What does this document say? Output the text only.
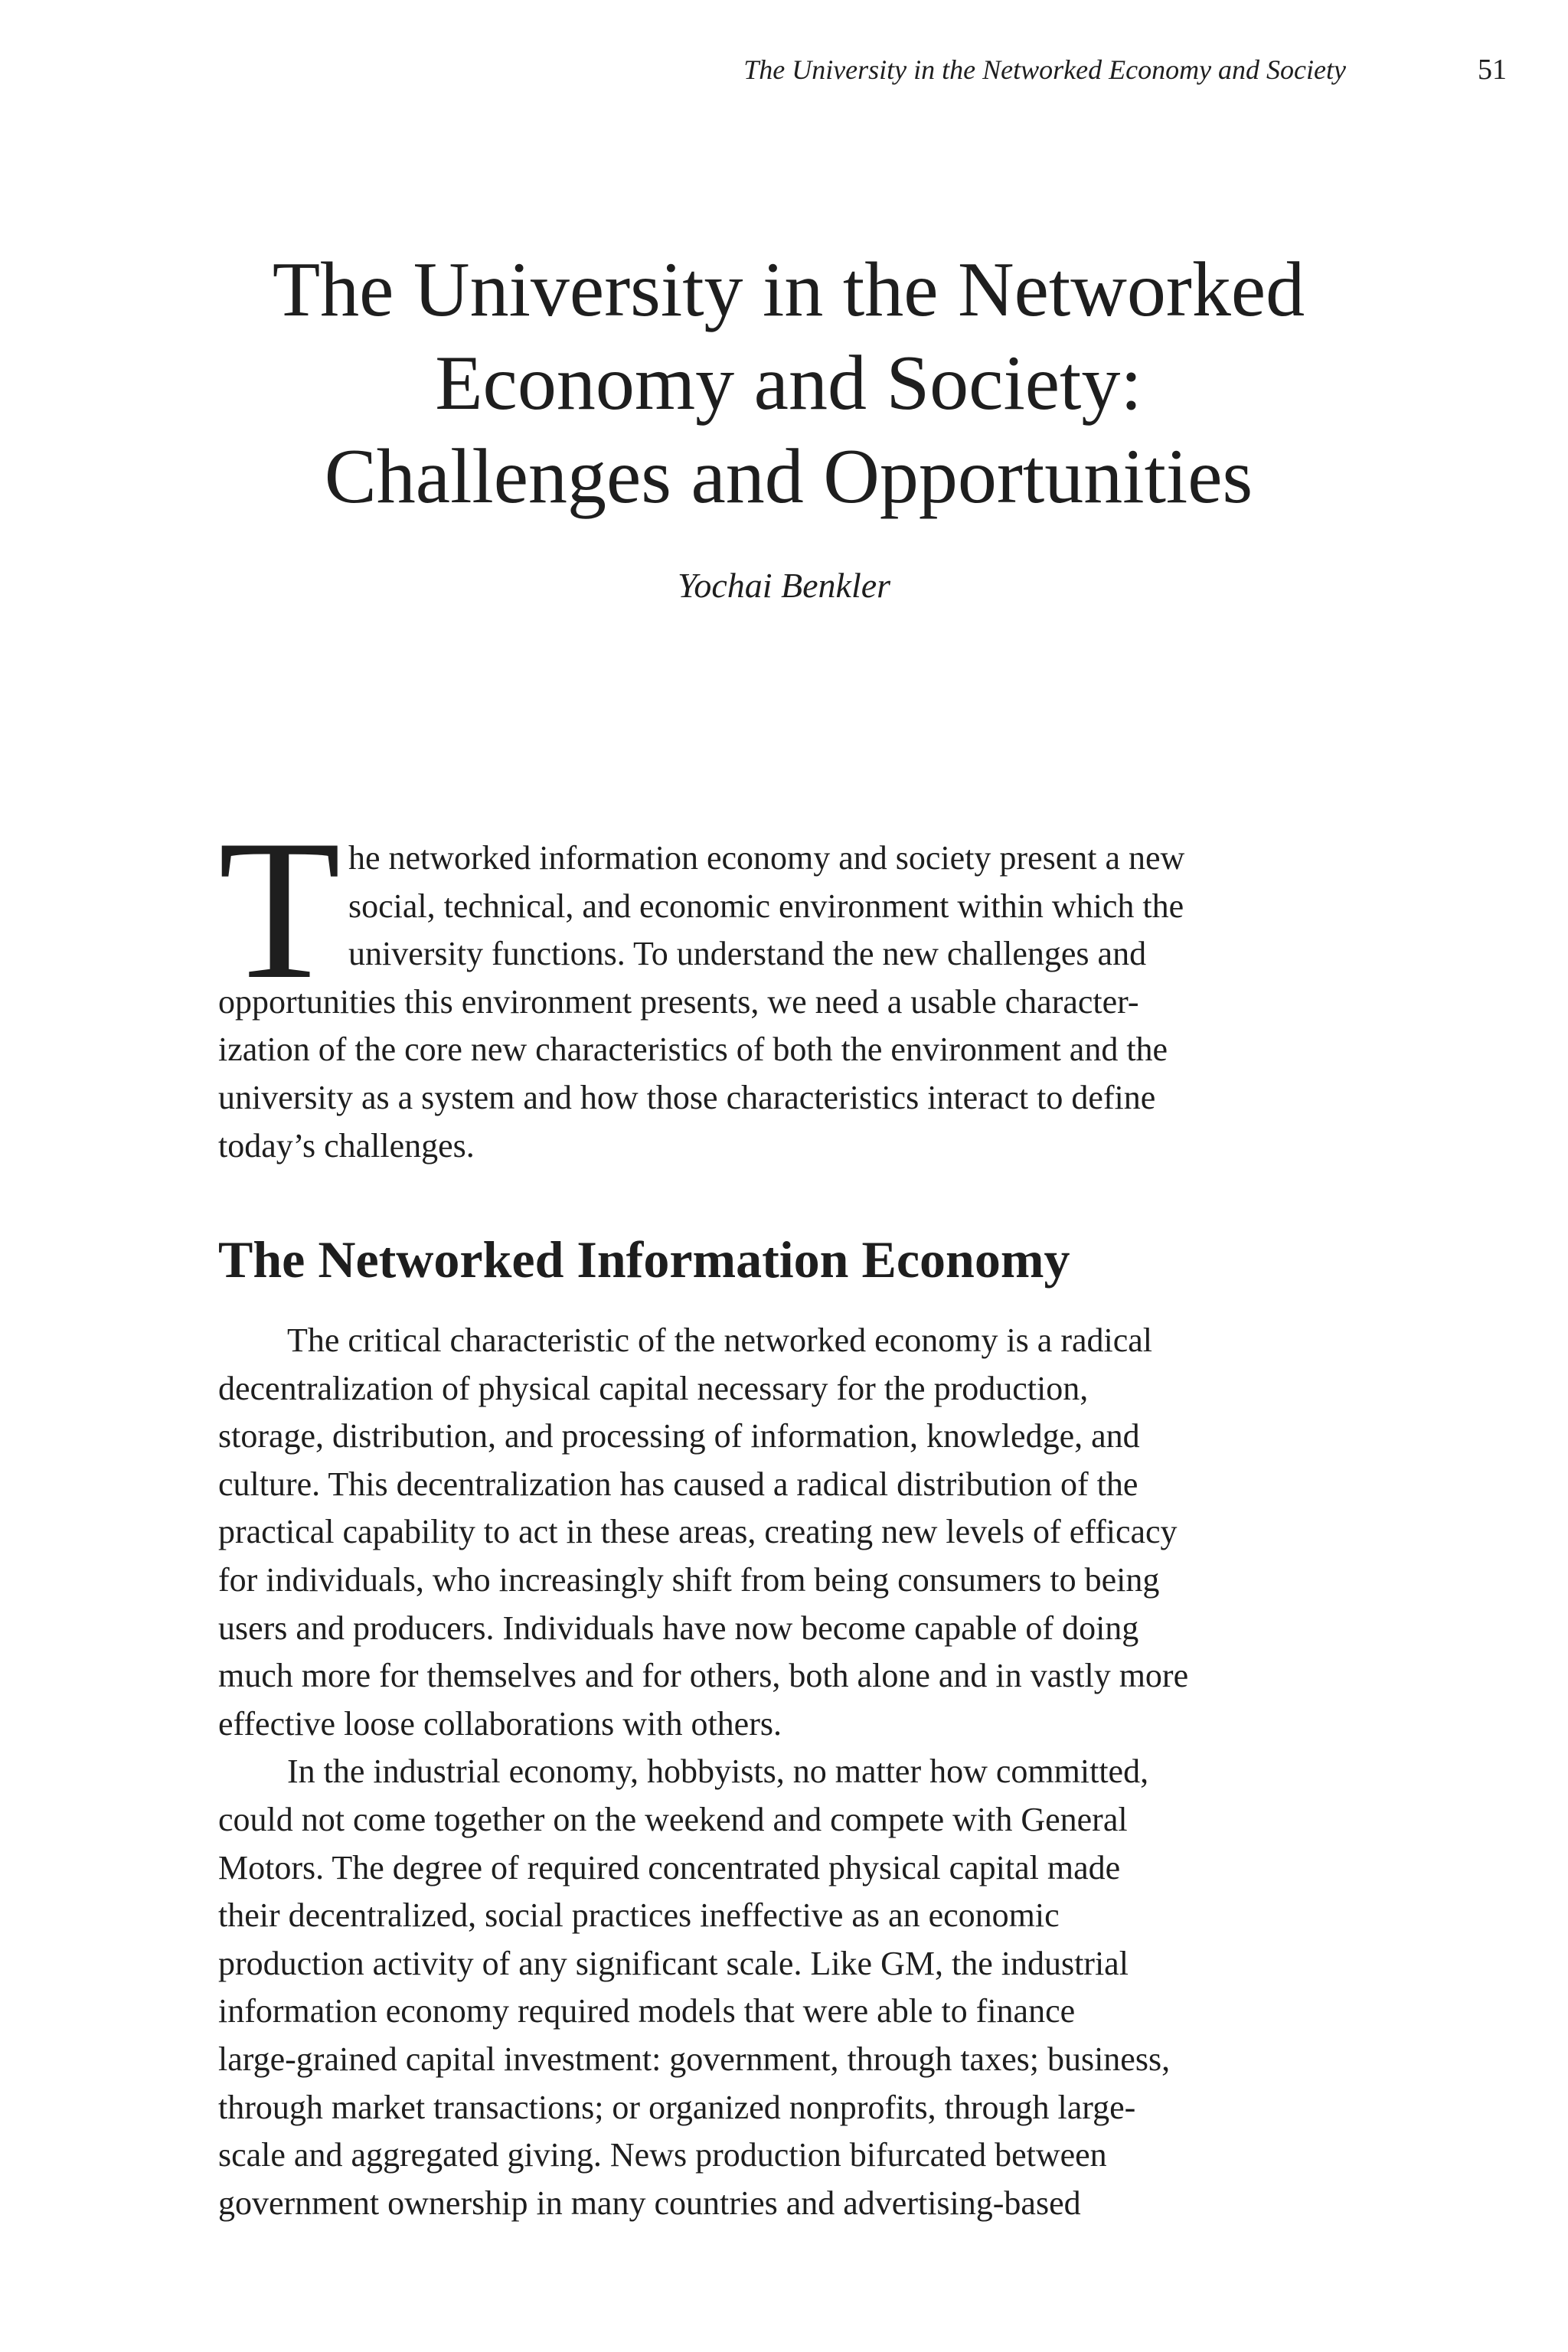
The University in the Networked Economy and Society	51
The University in the Networked
Economy and Society:
Challenges and Opportunities
Yochai Benkler
T he networked information economy and society present a new
social, technical, and economic environment within which the
university functions. To understand the new challenges and
opportunities this environment presents, we need a usable character-
ization of the core new characteristics of both the environment and the
university as a system and how those characteristics interact to define
today’s challenges.
The Networked Information Economy
The critical characteristic of the networked economy is a radical
decentralization of physical capital necessary for the production,
storage, distribution, and processing of information, knowledge, and
culture. This decentralization has caused a radical distribution of the
practical capability to act in these areas, creating new levels of efficacy
for individuals, who increasingly shift from being consumers to being
users and producers. Individuals have now become capable of doing
much more for themselves and for others, both alone and in vastly more
effective loose collaborations with others.
In the industrial economy, hobbyists, no matter how committed,
could not come together on the weekend and compete with General
Motors. The degree of required concentrated physical capital made
their decentralized, social practices ineffective as an economic
production activity of any significant scale. Like GM, the industrial
information economy required models that were able to finance
large-grained capital investment: government, through taxes; business,
through market transactions; or organized nonprofits, through large-
scale and aggregated giving. News production bifurcated between
government ownership in many countries and advertising-based
